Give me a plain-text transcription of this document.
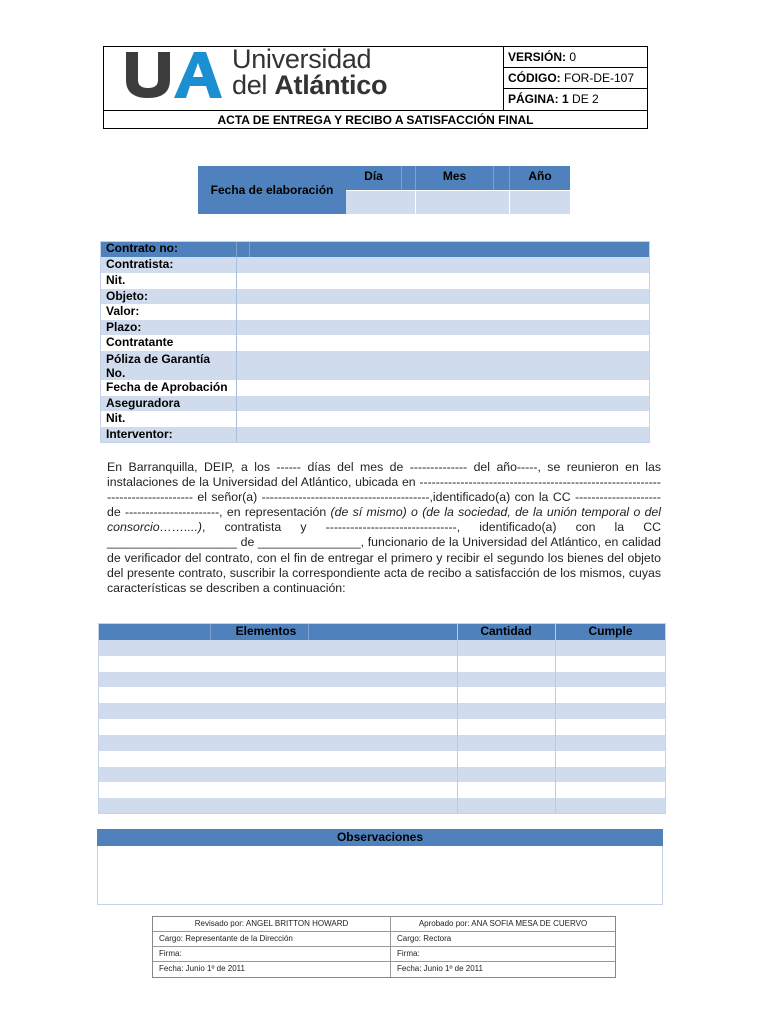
Universidad
del Atlántico
VERSIÓN: 0
CÓDIGO: FOR-DE-107
PÁGINA: 1 DE 2
ACTA DE ENTREGA Y RECIBO A SATISFACCIÓN FINAL
Fecha de elaboración
Día	Mes	Año
Contrato no:
Contratista:
Nit.
Objeto:
Valor:
Plazo:
Contratante
Póliza de Garantía No.
Fecha de Aprobación
Aseguradora
Nit.
Interventor:

En Barranquilla, DEIP, a los ------ días del mes de -------------- del año-----, se reunieron en las instalaciones de la Universidad del Atlántico, ubicada en -------------------------------------------------------------------------------- el señor(a) -----------------------------------------,identificado(a) con la CC --------------------- de -----------------------, en representación (de sí mismo) o (de la sociedad, de la unión temporal o del consorcio……....), contratista y --------------------------------, identificado(a) con la CC ___________________ de _______________, funcionario de la Universidad del Atlántico, en calidad de verificador del contrato, con el fin de entregar el primero y recibir el segundo los bienes del objeto del presente contrato, suscribir la correspondiente acta de recibo a satisfacción de los mismos, cuyas características se describen a continuación:

Elementos	Cantidad	Cumple
Observaciones
Revisado por: ANGEL BRITTON HOWARD	Aprobado por: ANA SOFIA MESA DE CUERVO
Cargo: Representante de la Dirección	Cargo: Rectora
Firma:	Firma:
Fecha: Junio 1º de 2011	Fecha: Junio 1º de 2011
